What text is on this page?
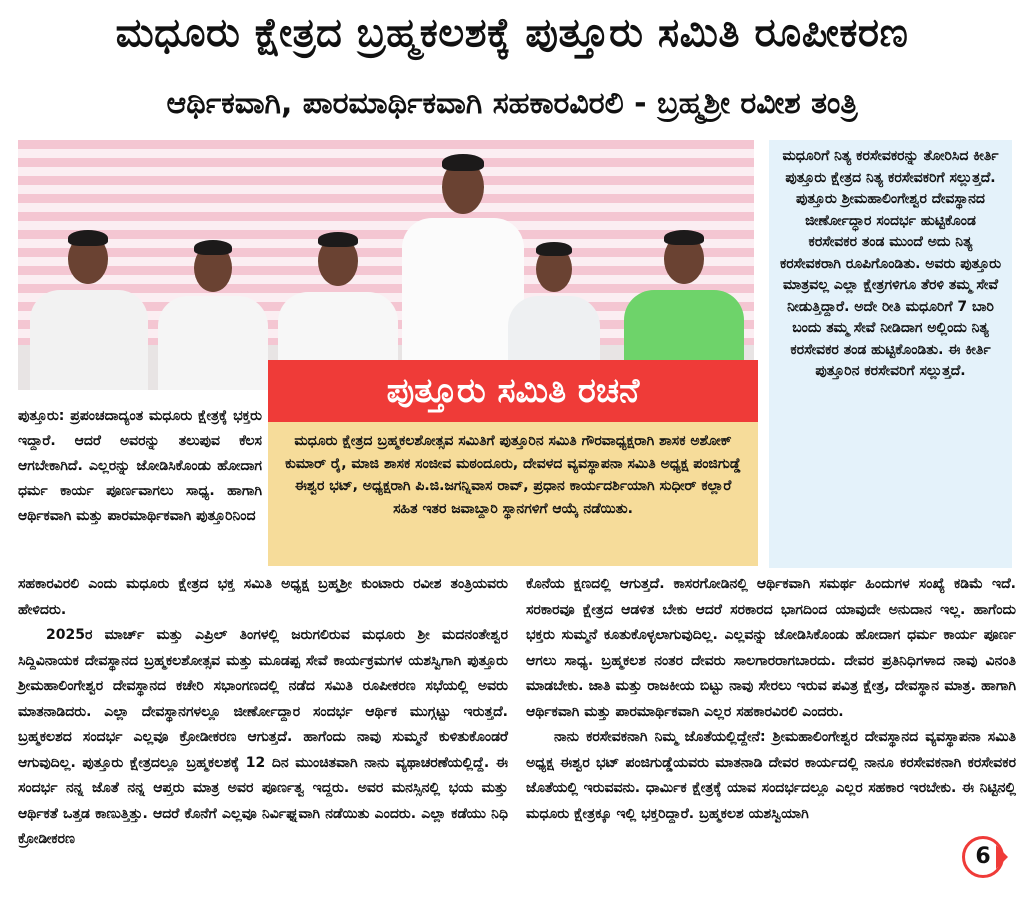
ಮಧೂರು ಕ್ಷೇತ್ರದ ಬ್ರಹ್ಮಕಲಶಕ್ಕೆ ಪುತ್ತೂರು ಸಮಿತಿ ರೂಪೀಕರಣ
ಆರ್ಥಿಕವಾಗಿ, ಪಾರಮಾರ್ಥಿಕವಾಗಿ ಸಹಕಾರವಿರಲಿ - ಬ್ರಹ್ಮಶ್ರೀ ರವೀಶ ತಂತ್ರಿ

ಮಧೂರಿಗೆ ನಿತ್ಯ ಕರಸೇವಕರನ್ನು ತೋರಿಸಿದ ಕೀರ್ತಿ ಪುತ್ತೂರು ಕ್ಷೇತ್ರದ ನಿತ್ಯ ಕರಸೇವಕರಿಗೆ ಸಲ್ಲುತ್ತದೆ. ಪುತ್ತೂರು ಶ್ರೀಮಹಾಲಿಂಗೇಶ್ವರ ದೇವಸ್ಥಾನದ ಜೀರ್ಣೋದ್ಧಾರ ಸಂದರ್ಭ ಹುಟ್ಟಿಕೊಂಡ ಕರಸೇವಕರ ತಂಡ ಮುಂದೆ ಅದು ನಿತ್ಯ ಕರಸೇವಕರಾಗಿ ರೂಪಿಗೊಂಡಿತು. ಅವರು ಪುತ್ತೂರು ಮಾತ್ರವಲ್ಲ ಎಲ್ಲಾ ಕ್ಷೇತ್ರಗಳಿಗೂ ತೆರಳಿ ತಮ್ಮ ಸೇವೆ ನೀಡುತ್ತಿದ್ದಾರೆ. ಅದೇ ರೀತಿ ಮಧೂರಿಗೆ 7 ಬಾರಿ ಬಂದು ತಮ್ಮ ಸೇವೆ ನೀಡಿದಾಗ ಅಲ್ಲಿಂದು ನಿತ್ಯ ಕರಸೇವಕರ ತಂಡ ಹುಟ್ಟಿಕೊಂಡಿತು. ಈ ಕೀರ್ತಿ ಪುತ್ತೂರಿನ ಕರಸೇವರಿಗೆ ಸಲ್ಲುತ್ತದೆ.

ಪುತ್ತೂರು ಸಮಿತಿ ರಚನೆ

ಮಧೂರು ಕ್ಷೇತ್ರದ ಬ್ರಹ್ಮಕಲಶೋತ್ಸವ ಸಮಿತಿಗೆ ಪುತ್ತೂರಿನ ಸಮಿತಿ ಗೌರವಾಧ್ಯಕ್ಷರಾಗಿ ಶಾಸಕ ಅಶೋಕ್ ಕುಮಾರ್ ರೈ, ಮಾಜಿ ಶಾಸಕ ಸಂಜೀವ ಮಠಂದೂರು, ದೇವಳದ ವ್ಯವಸ್ಥಾಪನಾ ಸಮಿತಿ ಅಧ್ಯಕ್ಷ ಪಂಜಿಗುಡ್ಡೆ ಈಶ್ವರ ಭಟ್, ಅಧ್ಯಕ್ಷರಾಗಿ ಪಿ.ಜಿ.ಜಗನ್ನಿವಾಸ ರಾವ್, ಪ್ರಧಾನ ಕಾರ್ಯದರ್ಶಿಯಾಗಿ ಸುಧೀರ್ ಕಲ್ಲಾರೆ ಸಹಿತ ಇತರ ಜವಾಬ್ದಾರಿ ಸ್ಥಾನಗಳಿಗೆ ಆಯ್ಕೆ ನಡೆಯಿತು.

ಪುತ್ತೂರು: ಪ್ರಪಂಚದಾದ್ಯಂತ ಮಧೂರು ಕ್ಷೇತ್ರಕ್ಕೆ ಭಕ್ತರು ಇದ್ದಾರೆ. ಆದರೆ ಅವರನ್ನು ತಲುಪುವ ಕೆಲಸ ಆಗಬೇಕಾಗಿದೆ. ಎಲ್ಲರನ್ನು ಜೋಡಿಸಿಕೊಂಡು ಹೋದಾಗ ಧರ್ಮ ಕಾರ್ಯ ಪೂರ್ಣವಾಗಲು ಸಾಧ್ಯ. ಹಾಗಾಗಿ ಆರ್ಥಿಕವಾಗಿ ಮತ್ತು ಪಾರಮಾರ್ಥಿಕವಾಗಿ ಪುತ್ತೂರಿನಿಂದ

ಸಹಕಾರವಿರಲಿ ಎಂದು ಮಧೂರು ಕ್ಷೇತ್ರದ ಭಕ್ತ ಸಮಿತಿ ಅಧ್ಯಕ್ಷ ಬ್ರಹ್ಮಶ್ರೀ ಕುಂಟಾರು ರವೀಶ ತಂತ್ರಿಯವರು ಹೇಳಿದರು.

2025ರ ಮಾರ್ಚ್ ಮತ್ತು ಎಪ್ರಿಲ್ ತಿಂಗಳಲ್ಲಿ ಜರುಗಲಿರುವ ಮಧೂರು ಶ್ರೀ ಮದನಂತೇಶ್ವರ ಸಿದ್ದಿವಿನಾಯಕ ದೇವಸ್ಥಾನದ ಬ್ರಹ್ಮಕಲಶೋತ್ಸವ ಮತ್ತು ಮೂಡಪ್ಪ ಸೇವೆ ಕಾರ್ಯಕ್ರಮಗಳ ಯಶಸ್ವಿಗಾಗಿ ಪುತ್ತೂರು ಶ್ರೀಮಹಾಲಿಂಗೇಶ್ವರ ದೇವಸ್ಥಾನದ ಕಚೇರಿ ಸಭಾಂಗಣದಲ್ಲಿ ನಡೆದ ಸಮಿತಿ ರೂಪೀಕರಣ ಸಭೆಯಲ್ಲಿ ಅವರು ಮಾತನಾಡಿದರು. ಎಲ್ಲಾ ದೇವಸ್ಥಾನಗಳಲ್ಲೂ ಜೀರ್ಣೋದ್ದಾರ ಸಂದರ್ಭ ಆರ್ಥಿಕ ಮುಗ್ಗಟ್ಟು ಇರುತ್ತದೆ. ಬ್ರಹ್ಮಕಲಶದ ಸಂದರ್ಭ ಎಲ್ಲವೂ ಕ್ರೋಡೀಕರಣ ಆಗುತ್ತದೆ. ಹಾಗೆಂದು ನಾವು ಸುಮ್ಮನೆ ಕುಳಿತುಕೊಂಡರೆ ಆಗುವುದಿಲ್ಲ. ಪುತ್ತೂರು ಕ್ಷೇತ್ರದಲ್ಲೂ ಬ್ರಹ್ಮಕಲಶಕ್ಕೆ 12 ದಿನ ಮುಂಚಿತವಾಗಿ ನಾನು ವ್ಯಥಾಚರಣೆಯಲ್ಲಿದ್ದೆ. ಈ ಸಂದರ್ಭ ನನ್ನ ಜೊತೆ ನನ್ನ ಆಪ್ತರು ಮಾತ್ರ ಅವರ ಪೂರ್ಣತ್ವ ಇದ್ದರು. ಅವರ ಮನಸ್ಸಿನಲ್ಲಿ ಭಯ ಮತ್ತು ಆರ್ಥಿಕತೆ ಒತ್ತಡ ಕಾಣುತ್ತಿತ್ತು. ಆದರೆ ಕೊನೆಗೆ ಎಲ್ಲವೂ ನಿರ್ವಿಘ್ನವಾಗಿ ನಡೆಯಿತು ಎಂದರು. ಎಲ್ಲಾ ಕಡೆಯು ನಿಧಿ ಕ್ರೋಡೀಕರಣ

ಕೊನೆಯ ಕ್ಷಣದಲ್ಲಿ ಆಗುತ್ತದೆ. ಕಾಸರಗೋಡಿನಲ್ಲಿ ಆರ್ಥಿಕವಾಗಿ ಸಮರ್ಥ ಹಿಂದುಗಳ ಸಂಖ್ಯೆ ಕಡಿಮೆ ಇದೆ. ಸರಕಾರವೂ ಕ್ಷೇತ್ರದ ಆಡಳಿತ ಬೇಕು ಆದರೆ ಸರಕಾರದ ಭಾಗದಿಂದ ಯಾವುದೇ ಅನುದಾನ ಇಲ್ಲ. ಹಾಗೆಂದು ಭಕ್ತರು ಸುಮ್ಮನೆ ಕೂತುಕೊಳ್ಳಲಾಗುವುದಿಲ್ಲ. ಎಲ್ಲವನ್ನು ಜೋಡಿಸಿಕೊಂಡು ಹೋದಾಗ ಧರ್ಮ ಕಾರ್ಯ ಪೂರ್ಣ ಆಗಲು ಸಾಧ್ಯ. ಬ್ರಹ್ಮಕಲಶ ನಂತರ ದೇವರು ಸಾಲಗಾರರಾಗಬಾರದು. ದೇವರ ಪ್ರತಿನಿಧಿಗಳಾದ ನಾವು ವಿನಂತಿ ಮಾಡಬೇಕು. ಜಾತಿ ಮತ್ತು ರಾಜಕೀಯ ಬಿಟ್ಟು ನಾವು ಸೇರಲು ಇರುವ ಪವಿತ್ರ ಕ್ಷೇತ್ರ, ದೇವಸ್ಥಾನ ಮಾತ್ರ. ಹಾಗಾಗಿ ಆರ್ಥಿಕವಾಗಿ ಮತ್ತು ಪಾರಮಾರ್ಥಿಕವಾಗಿ ಎಲ್ಲರ ಸಹಕಾರವಿರಲಿ ಎಂದರು.

ನಾನು ಕರಸೇವಕನಾಗಿ ನಿಮ್ಮ ಜೊತೆಯಲ್ಲಿದ್ದೇನೆ: ಶ್ರೀಮಹಾಲಿಂಗೇಶ್ವರ ದೇವಸ್ಥಾನದ ವ್ಯವಸ್ಥಾಪನಾ ಸಮಿತಿ ಅಧ್ಯಕ್ಷ ಈಶ್ವರ ಭಟ್ ಪಂಜಿಗುಡ್ಡೆಯವರು ಮಾತನಾಡಿ ದೇವರ ಕಾರ್ಯದಲ್ಲಿ ನಾನೂ ಕರಸೇವಕನಾಗಿ ಕರಸೇವಕರ ಜೊತೆಯಲ್ಲಿ ಇರುವವನು. ಧಾರ್ಮಿಕ ಕ್ಷೇತ್ರಕ್ಕೆ ಯಾವ ಸಂದರ್ಭದಲ್ಲೂ ಎಲ್ಲರ ಸಹಕಾರ ಇರಬೇಕು. ಈ ನಿಟ್ಟಿನಲ್ಲಿ ಮಧೂರು ಕ್ಷೇತ್ರಕ್ಕೂ ಇಲ್ಲಿ ಭಕ್ತರಿದ್ದಾರೆ. ಬ್ರಹ್ಮಕಲಶ ಯಶಸ್ವಿಯಾಗಿ

6
